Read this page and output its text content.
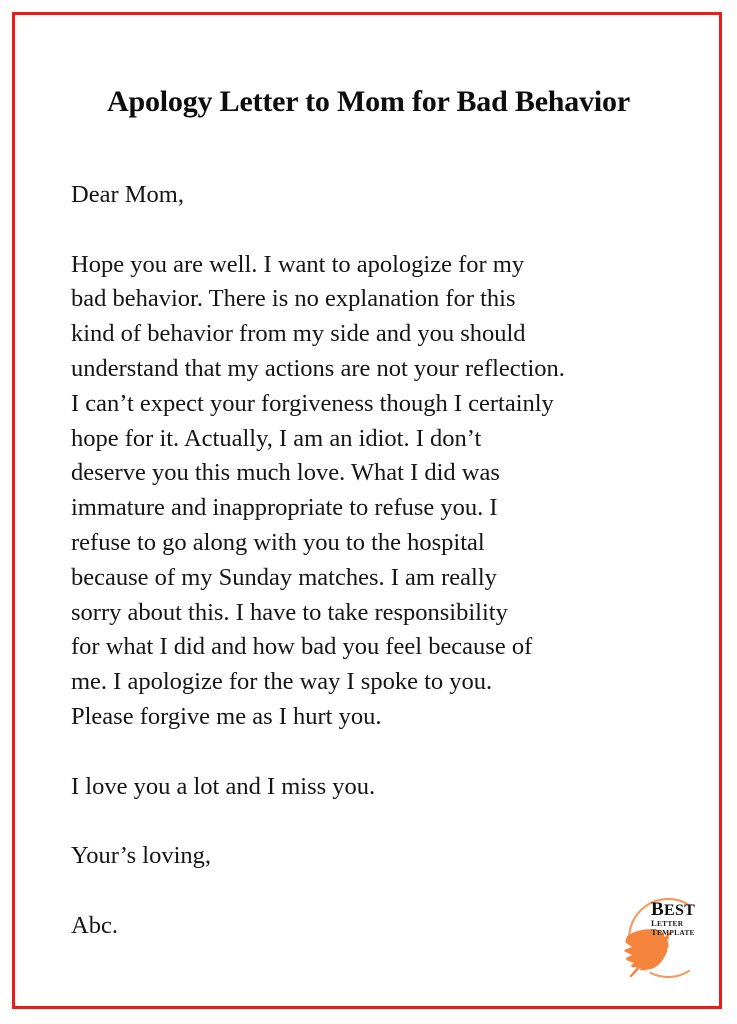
Apology Letter to Mom for Bad Behavior

Dear Mom,

Hope you are well. I want to apologize for my
bad behavior. There is no explanation for this
kind of behavior from my side and you should
understand that my actions are not your reflection.
I can’t expect your forgiveness though I certainly
hope for it. Actually, I am an idiot. I don’t
deserve you this much love. What I did was
immature and inappropriate to refuse you. I
refuse to go along with you to the hospital
because of my Sunday matches. I am really
sorry about this. I have to take responsibility
for what I did and how bad you feel because of
me. I apologize for the way I spoke to you.
Please forgive me as I hurt you.

I love you a lot and I miss you.

Your’s loving,

Abc.

BEST
LETTER TEMPLATE
